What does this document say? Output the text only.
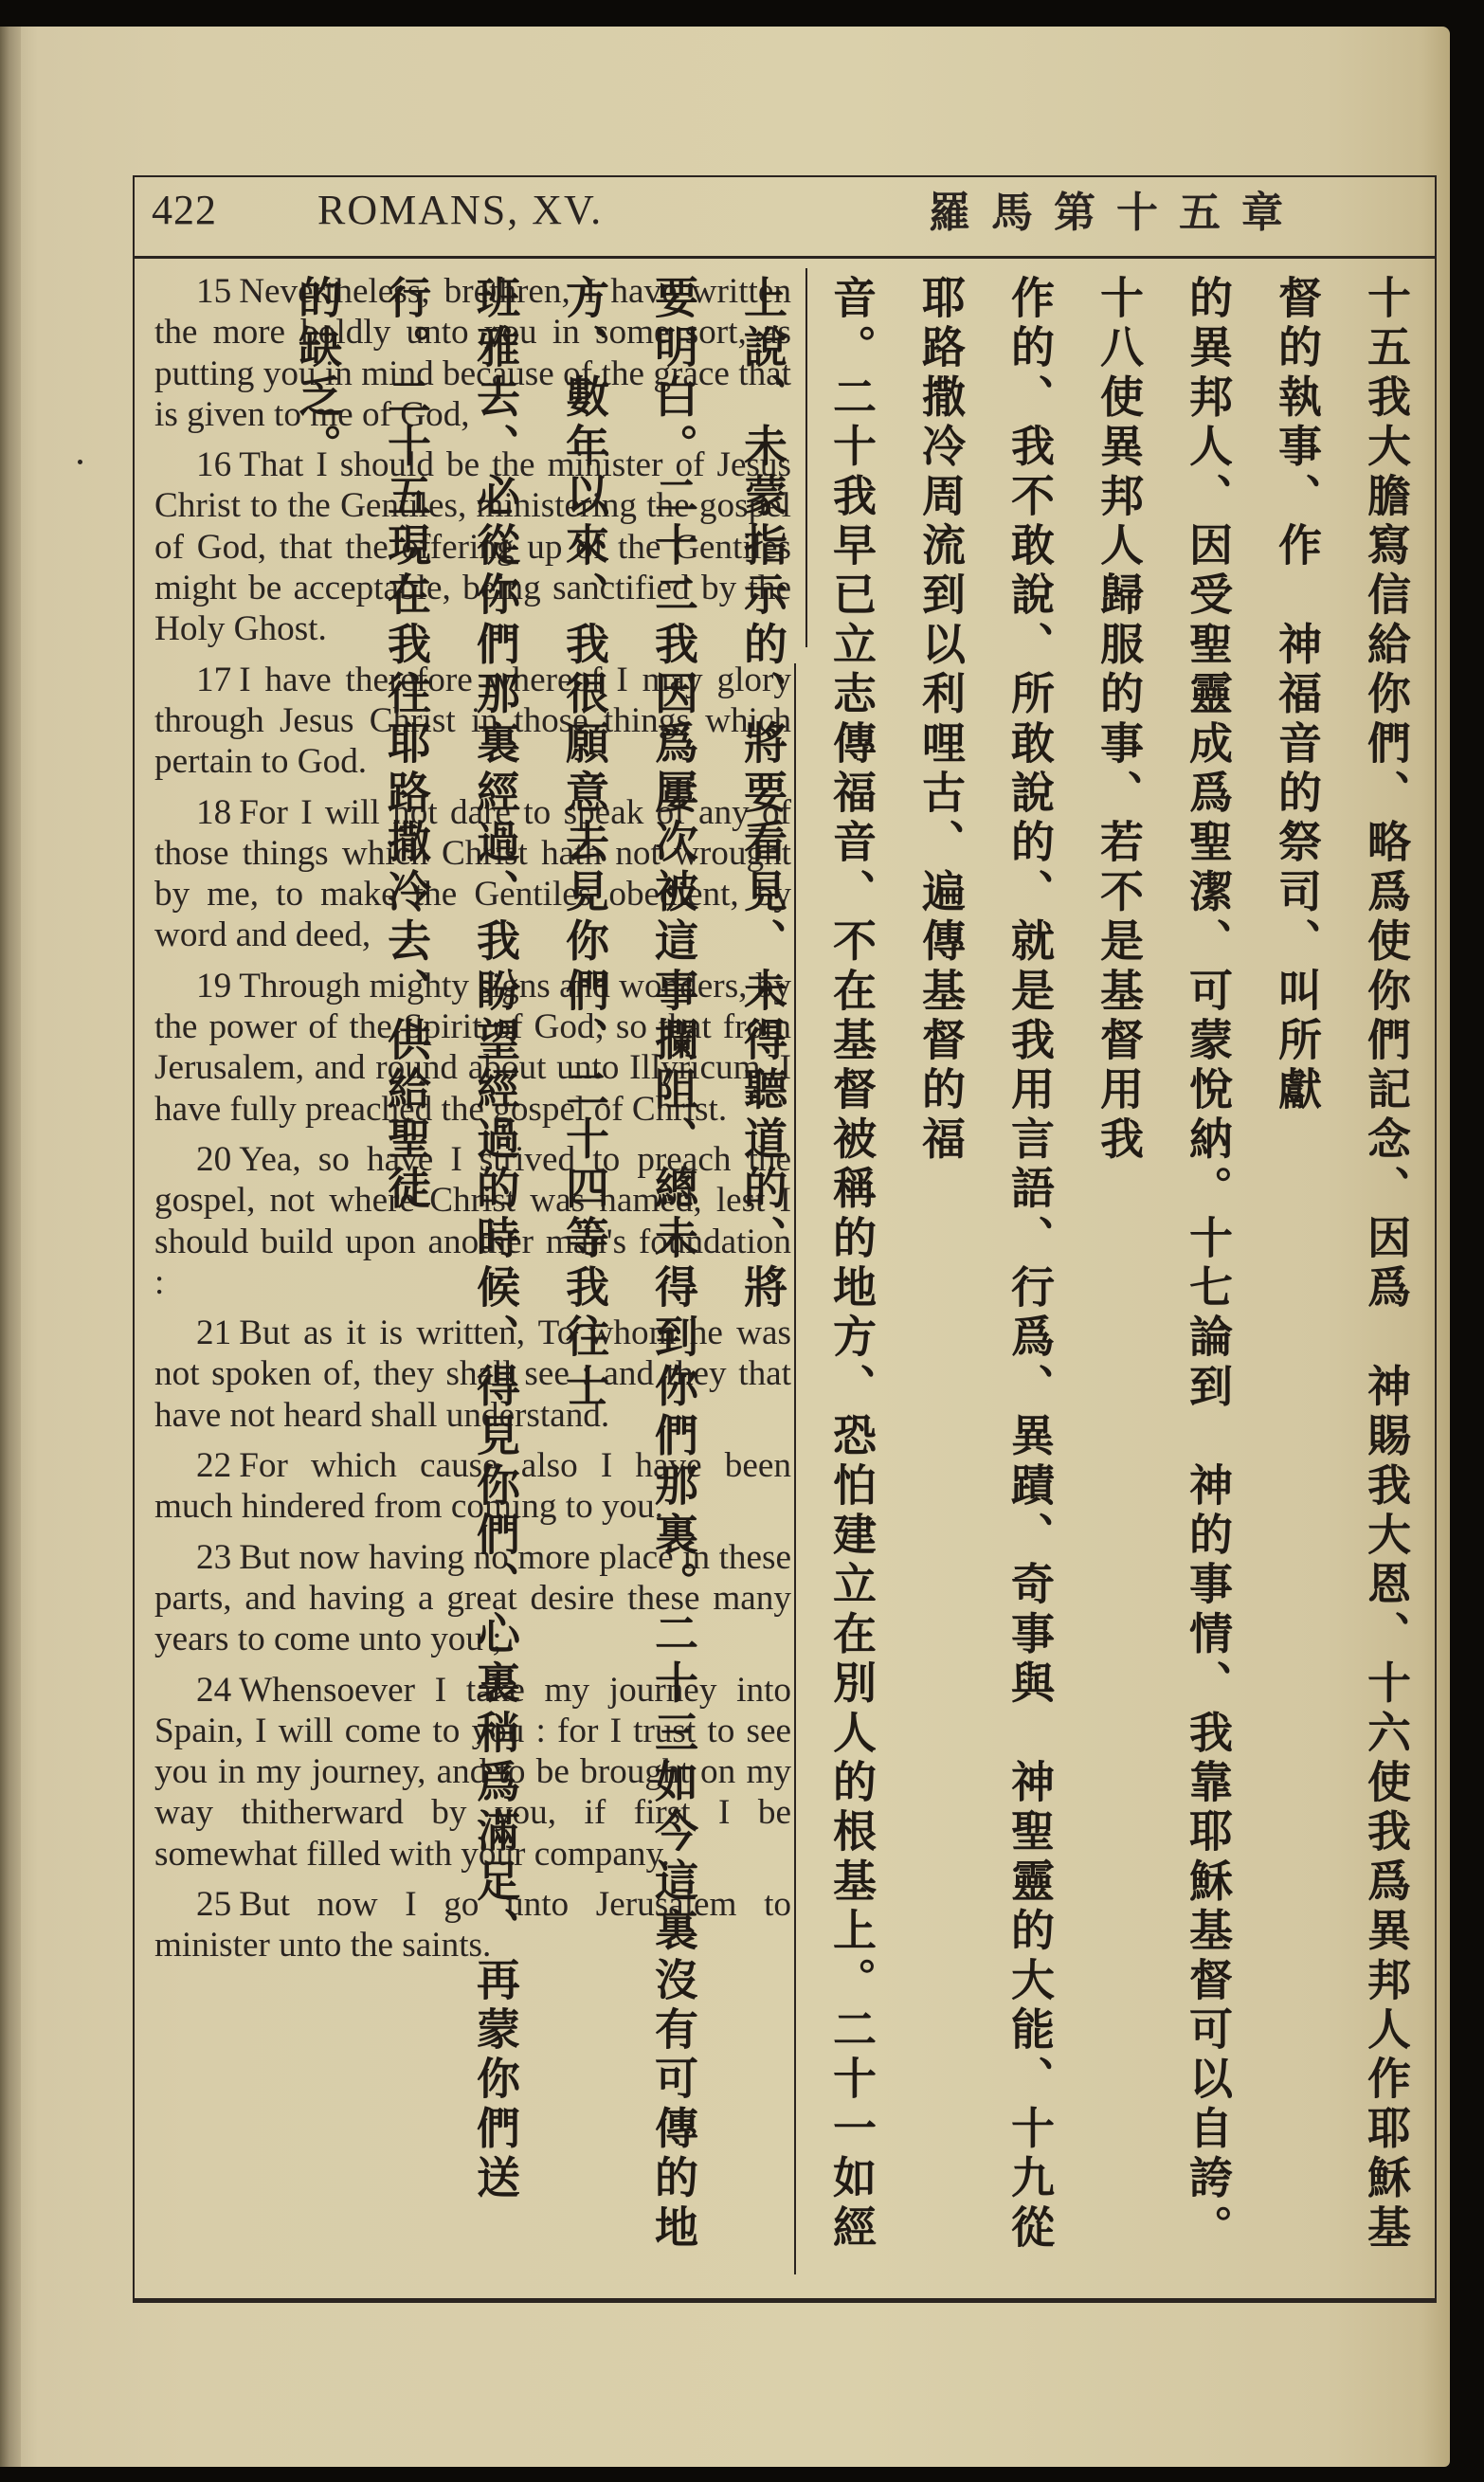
422 ROMANS, XV.	羅馬第十五章

15 Nevertheless, brethren, I have written the more boldly unto you in some sort, as putting you in mind because of the grace that is given to me of God,

16 That I should be the minister of Jesus Christ to the Gentiles, ministering the gospel of God, that the offering up of the Gentiles might be acceptable, being sanctified by the Holy Ghost.

17 I have therefore whereof I may glory through Jesus Christ in those things which pertain to God.

18 For I will not dare to speak of any of those things which Christ hath not wrought by me, to make the Gentiles obedient, by word and deed,

19 Through mighty signs and wonders, by the power of the Spirit of God; so that from Jerusalem, and round about unto Illyricum, I have fully preached the gospel of Christ.

20 Yea, so have I strived to preach the gospel, not where Christ was named, lest I should build upon another man's foundation :

21 But as it is written, To whom he was not spoken of, they shall see : and they that have not heard shall understand.

22 For which cause also I have been much hindered from coming to you.

23 But now having no more place in these parts, and having a great desire these many years to come unto you ;

24 Whensoever I take my journey into Spain, I will come to you : for I trust to see you in my journey, and to be brought on my way thitherward by you, if first I be somewhat filled with your company.

25 But now I go unto Jerusalem to minister unto the saints.	十五我大膽寫信給你們、略爲使你們記念、因爲　神賜我大恩、十六使我爲異邦人作耶穌基督的執事、作　神福音的祭司、叫所獻
的異邦人、因受聖靈成爲聖潔、可蒙悅納。十七論到　神的事情、我靠耶穌基督可以自誇。十八使異邦人歸服的事、若不是基督用我
作的、我不敢說、所敢說的、就是我用言語、行爲、異蹟、奇事與　神聖靈的大能、十九從耶路撒冷周流到以利哩古、遍傳基督的福
音。二十我早已立志傳福音、不在基督被稱的地方、恐怕建立在別人的根基上。二十一如經上說、未蒙指示的、將要看見、未得聽道的、將
要明白。二十二我因爲屢次被這事攔阻、總未得到你們那裏。二十三如今這裏沒有可傳的地方、數年以來、我很願意去見你們、二十四等我往士
班雅去、必從你們那裏經過、我盼望經過的時候、得見你們、心裏稍爲滿足、再蒙你們送行。二十五現在我往耶路撒冷去、供給聖徒
的缺乏。
